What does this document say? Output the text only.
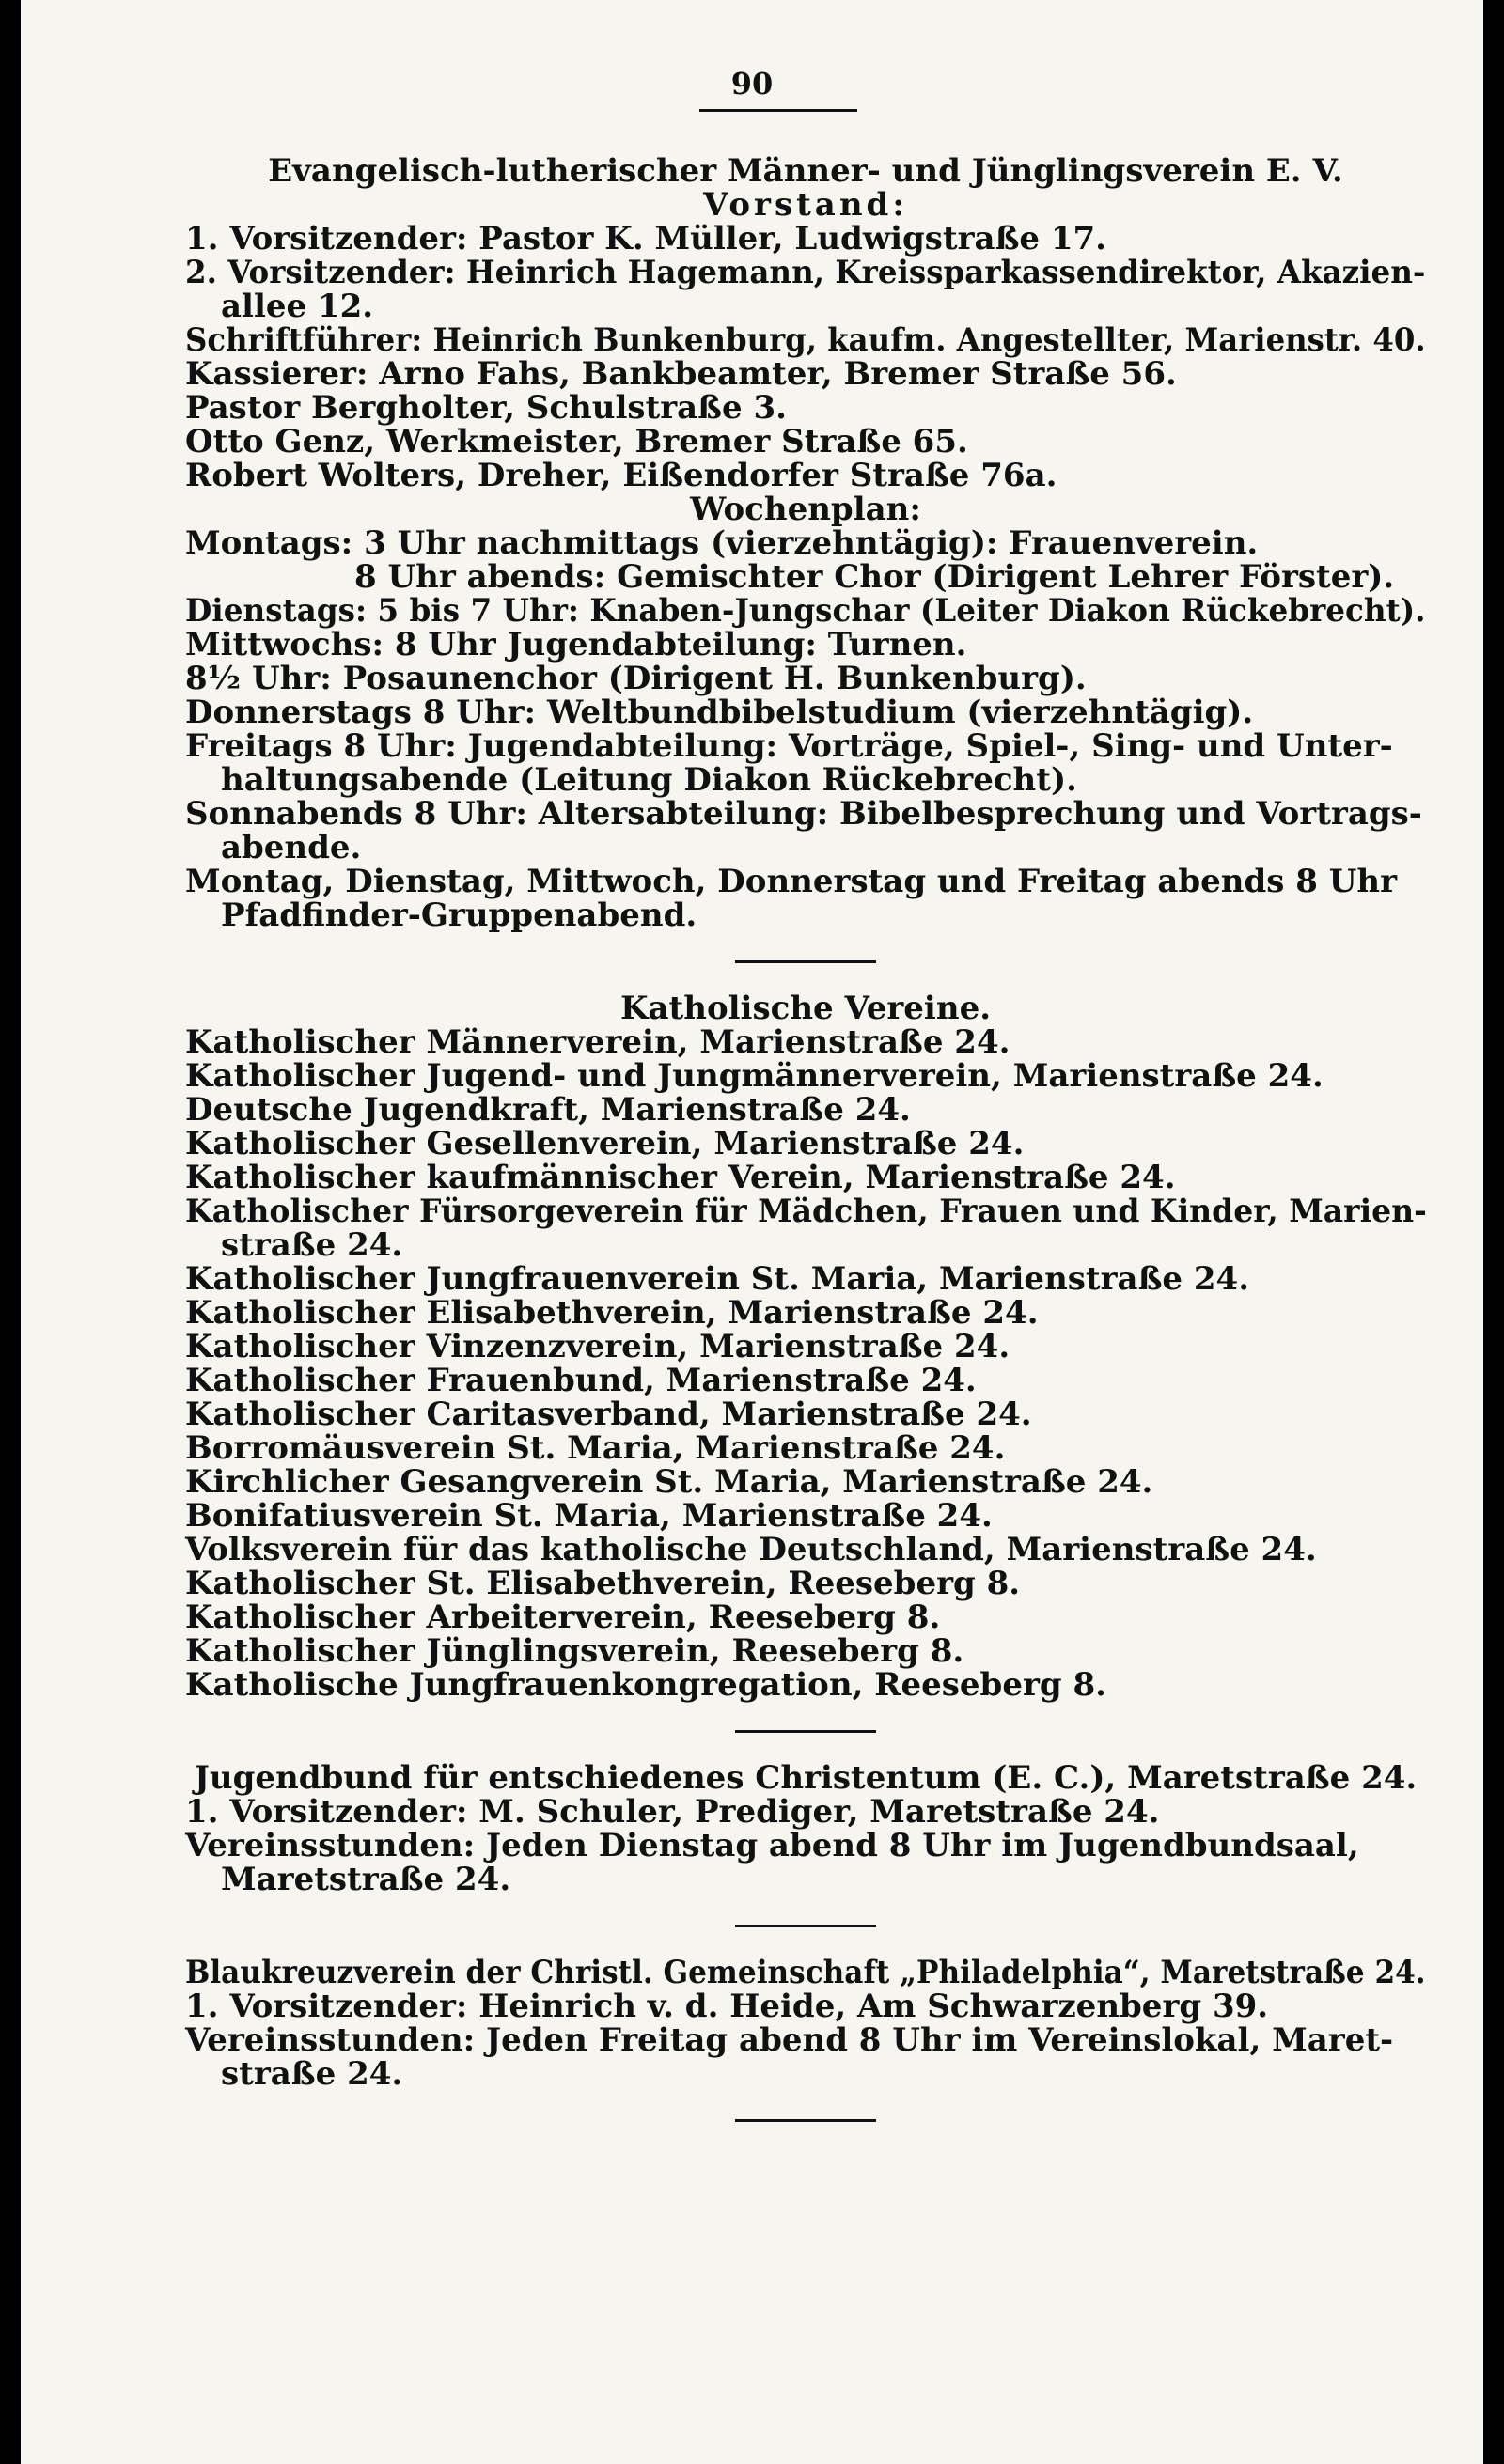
90
Evangelisch-lutherischer Männer- und Jünglingsverein E. V.
Vorstand:
1. Vorsitzender: Pastor K. Müller, Ludwigstraße 17.
2. Vorsitzender: Heinrich Hagemann, Kreissparkassendirektor, Akazien-
allee 12.
Schriftführer: Heinrich Bunkenburg, kaufm. Angestellter, Marienstr. 40.
Kassierer: Arno Fahs, Bankbeamter, Bremer Straße 56.
Pastor Bergholter, Schulstraße 3.
Otto Genz, Werkmeister, Bremer Straße 65.
Robert Wolters, Dreher, Eißendorfer Straße 76a.
Wochenplan:
Montags: 3 Uhr nachmittags (vierzehntägig): Frauenverein.
8 Uhr abends: Gemischter Chor (Dirigent Lehrer Förster).
Dienstags: 5 bis 7 Uhr: Knaben-Jungschar (Leiter Diakon Rückebrecht).
Mittwochs: 8 Uhr Jugendabteilung: Turnen.
8½ Uhr: Posaunenchor (Dirigent H. Bunkenburg).
Donnerstags 8 Uhr: Weltbundbibelstudium (vierzehntägig).
Freitags 8 Uhr: Jugendabteilung: Vorträge, Spiel-, Sing- und Unter-
haltungsabende (Leitung Diakon Rückebrecht).
Sonnabends 8 Uhr: Altersabteilung: Bibelbesprechung und Vortrags-
abende.
Montag, Dienstag, Mittwoch, Donnerstag und Freitag abends 8 Uhr
Pfadfinder-Gruppenabend.
Katholische Vereine.
Katholischer Männerverein, Marienstraße 24.
Katholischer Jugend- und Jungmännerverein, Marienstraße 24.
Deutsche Jugendkraft, Marienstraße 24.
Katholischer Gesellenverein, Marienstraße 24.
Katholischer kaufmännischer Verein, Marienstraße 24.
Katholischer Fürsorgeverein für Mädchen, Frauen und Kinder, Marien-
straße 24.
Katholischer Jungfrauenverein St. Maria, Marienstraße 24.
Katholischer Elisabethverein, Marienstraße 24.
Katholischer Vinzenzverein, Marienstraße 24.
Katholischer Frauenbund, Marienstraße 24.
Katholischer Caritasverband, Marienstraße 24.
Borromäusverein St. Maria, Marienstraße 24.
Kirchlicher Gesangverein St. Maria, Marienstraße 24.
Bonifatiusverein St. Maria, Marienstraße 24.
Volksverein für das katholische Deutschland, Marienstraße 24.
Katholischer St. Elisabethverein, Reeseberg 8.
Katholischer Arbeiterverein, Reeseberg 8.
Katholischer Jünglingsverein, Reeseberg 8.
Katholische Jungfrauenkongregation, Reeseberg 8.
Jugendbund für entschiedenes Christentum (E. C.), Maretstraße 24.
1. Vorsitzender: M. Schuler, Prediger, Maretstraße 24.
Vereinsstunden: Jeden Dienstag abend 8 Uhr im Jugendbundsaal,
Maretstraße 24.
Blaukreuzverein der Christl. Gemeinschaft „Philadelphia“, Maretstraße 24.
1. Vorsitzender: Heinrich v. d. Heide, Am Schwarzenberg 39.
Vereinsstunden: Jeden Freitag abend 8 Uhr im Vereinslokal, Maret-
straße 24.
